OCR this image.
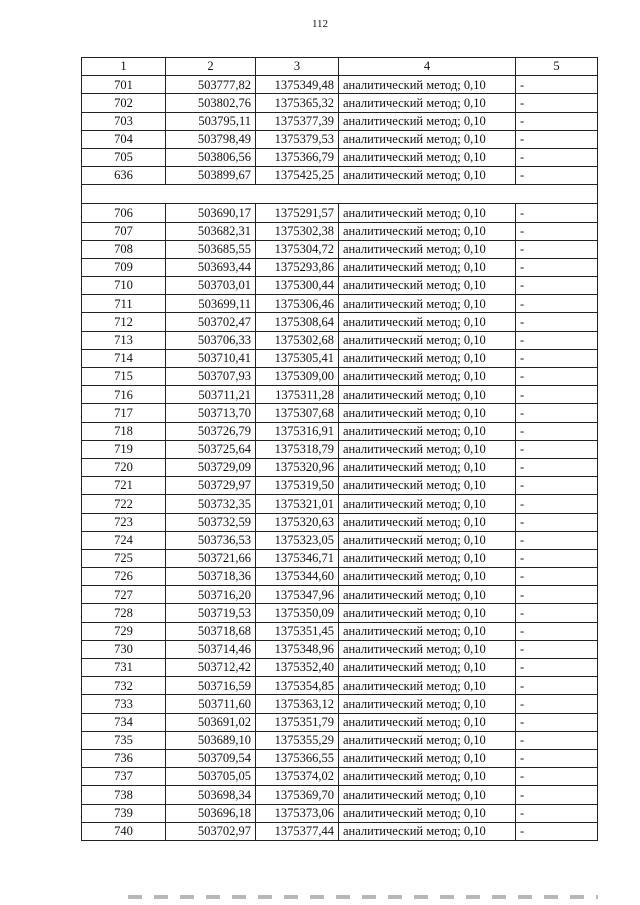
112
1	2	3	4	5
701	503777,82	1375349,48	аналитический метод; 0,10	-
702	503802,76	1375365,32	аналитический метод; 0,10	-
703	503795,11	1375377,39	аналитический метод; 0,10	-
704	503798,49	1375379,53	аналитический метод; 0,10	-
705	503806,56	1375366,79	аналитический метод; 0,10	-
636	503899,67	1375425,25	аналитический метод; 0,10	-

706	503690,17	1375291,57	аналитический метод; 0,10	-
707	503682,31	1375302,38	аналитический метод; 0,10	-
708	503685,55	1375304,72	аналитический метод; 0,10	-
709	503693,44	1375293,86	аналитический метод; 0,10	-
710	503703,01	1375300,44	аналитический метод; 0,10	-
711	503699,11	1375306,46	аналитический метод; 0,10	-
712	503702,47	1375308,64	аналитический метод; 0,10	-
713	503706,33	1375302,68	аналитический метод; 0,10	-
714	503710,41	1375305,41	аналитический метод; 0,10	-
715	503707,93	1375309,00	аналитический метод; 0,10	-
716	503711,21	1375311,28	аналитический метод; 0,10	-
717	503713,70	1375307,68	аналитический метод; 0,10	-
718	503726,79	1375316,91	аналитический метод; 0,10	-
719	503725,64	1375318,79	аналитический метод; 0,10	-
720	503729,09	1375320,96	аналитический метод; 0,10	-
721	503729,97	1375319,50	аналитический метод; 0,10	-
722	503732,35	1375321,01	аналитический метод; 0,10	-
723	503732,59	1375320,63	аналитический метод; 0,10	-
724	503736,53	1375323,05	аналитический метод; 0,10	-
725	503721,66	1375346,71	аналитический метод; 0,10	-
726	503718,36	1375344,60	аналитический метод; 0,10	-
727	503716,20	1375347,96	аналитический метод; 0,10	-
728	503719,53	1375350,09	аналитический метод; 0,10	-
729	503718,68	1375351,45	аналитический метод; 0,10	-
730	503714,46	1375348,96	аналитический метод; 0,10	-
731	503712,42	1375352,40	аналитический метод; 0,10	-
732	503716,59	1375354,85	аналитический метод; 0,10	-
733	503711,60	1375363,12	аналитический метод; 0,10	-
734	503691,02	1375351,79	аналитический метод; 0,10	-
735	503689,10	1375355,29	аналитический метод; 0,10	-
736	503709,54	1375366,55	аналитический метод; 0,10	-
737	503705,05	1375374,02	аналитический метод; 0,10	-
738	503698,34	1375369,70	аналитический метод; 0,10	-
739	503696,18	1375373,06	аналитический метод; 0,10	-
740	503702,97	1375377,44	аналитический метод; 0,10	-
